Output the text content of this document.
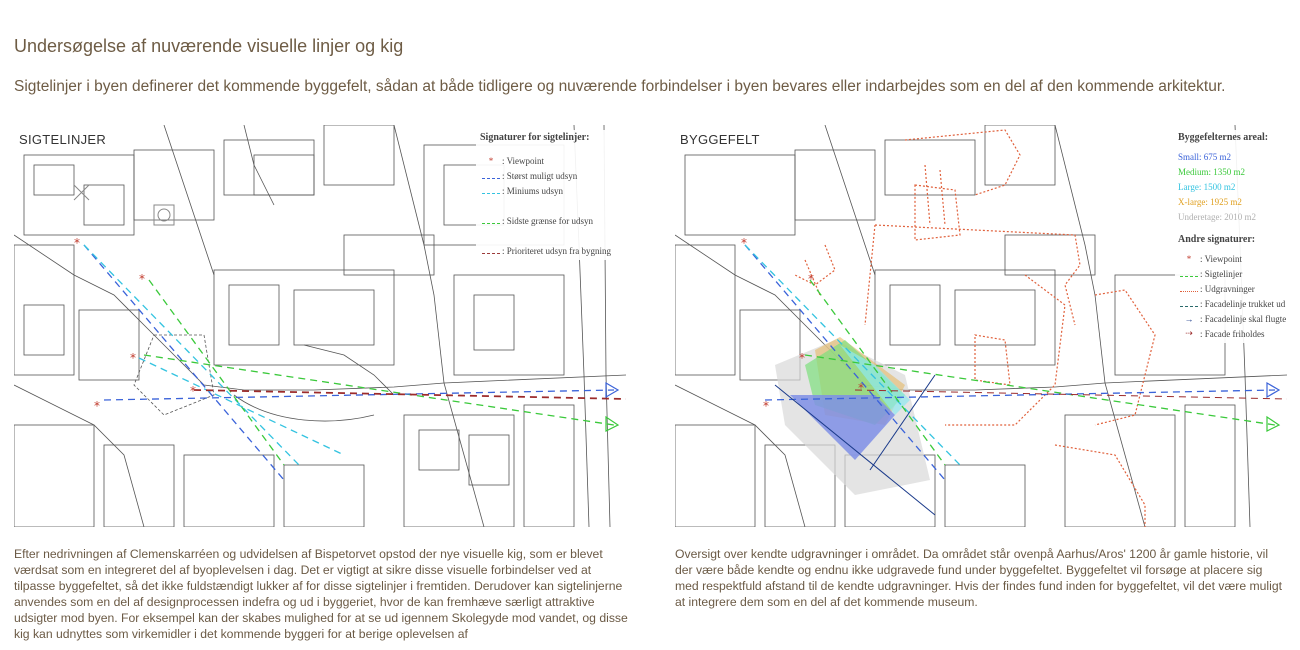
Undersøgelse af nuværende visuelle linjer og kig
Sigtelinjer i byen definerer det kommende byggefelt, sådan at både tidligere og nuværende forbindelser i byen bevares eller indarbejdes som en del af den kommende arkitektur.
*
*
*
*
*
SIGTELINJER	Signaturer for sigtelinjer:
* : Viewpoint
: Størst muligt udsyn
: Miniums udsyn
: Sidste grænse for udsyn
: Prioriteret udsyn fra bygning
*
*
*
*
*
BYGGEFELT	Byggefelternes areal:
Small: 675 m2
Medium: 1350 m2
Large: 1500 m2
X-large: 1925 m2
Underetage: 2010 m2
Andre signaturer:
* : Viewpoint
: Sigtelinjer
: Udgravninger
: Facadelinje trukket ud
→ : Facadelinje skal flugte
⇢ : Facade friholdes
Efter nedrivningen af Clemenskarréen og udvidelsen af Bispetorvet opstod der nye visuelle kig, som er blevet værdsat som en integreret del af byoplevelsen i dag. Det er vigtigt at sikre disse visuelle forbindelser ved at tilpasse byggefeltet, så det ikke fuldstændigt lukker af for disse sigtelinjer i fremtiden. Derudover kan sigtelinjerne anvendes som en del af designprocessen indefra og ud i byggeriet, hvor de kan fremhæve særligt attraktive udsigter mod byen. For eksempel kan der skabes mulighed for at se ud igennem Skolegyde mod vandet, og disse kig kan udnyttes som virkemidler i det kommende byggeri for at berige oplevelsen af
Oversigt over kendte udgravninger i området. Da området står ovenpå Aarhus/Aros' 1200 år gamle historie, vil der være både kendte og endnu ikke udgravede fund under byggefeltet. Byggefeltet vil forsøge at placere sig med respektfuld afstand til de kendte udgravninger. Hvis der findes fund inden for byggefeltet, vil det være muligt at integrere dem som en del af det kommende museum.
